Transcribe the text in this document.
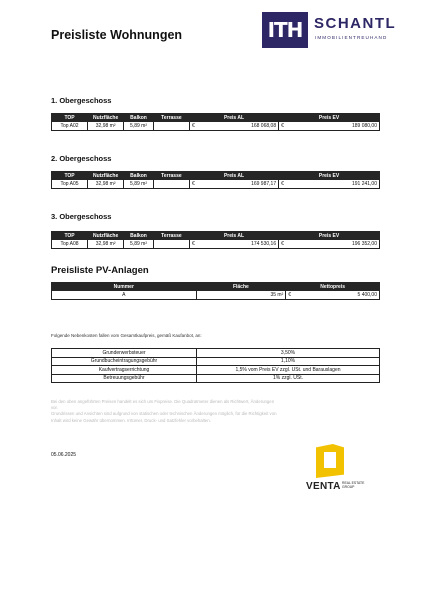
Preisliste Wohnungen	ITH SCHANTL
IMMOBILIENTREUHAND
1. Obergeschoss
TOP	Nutzfläche	Balkon	Terrasse	Preis AL	Preis EV
Top A02	32,98 m²	5,89 m²		€ 168 068,08	€ 189 080,00
2. Obergeschoss
TOP	Nutzfläche	Balkon	Terrasse	Preis AL	Preis EV
Top A05	32,98 m²	5,89 m²		€ 169 987,17	€ 191 241,00
3. Obergeschoss
TOP	Nutzfläche	Balkon	Terrasse	Preis AL	Preis EV
Top A08	32,98 m²	5,89 m²		€ 174 530,16	€ 196 352,00
Preisliste PV-Anlagen
Nummer	Fläche	Nettopreis
A	35 m²	€ 5 400,00
Folgende Nebenkosten fallen vom Gesamtkaufpreis, gemäß Kaufanbot, an:
Grunderwerbsteuer	3,50%
Grundbucheintragungsgebühr	1,10%
Kaufvertragserrichtung	1,5% vom Preis EV zzgl. USt. und Barauslagen
Betreuungsgebühr	1% zzgl. USt.
Bei den oben angeführten Preisen handelt es sich um Fixpreise. Die Quadratmeter dienen als Richtwert, Änderungen
vor.
Grundrissen und Ansichten sind aufgrund von statischen oder technischen Änderungen möglich, für die Richtigkeit von
Inhalt wird keine Gewähr übernommen. Irrtümer, Druck- und Satzfehler vorbehalten.
05.06.2025
VENTA REAL ESTATE GROUP
